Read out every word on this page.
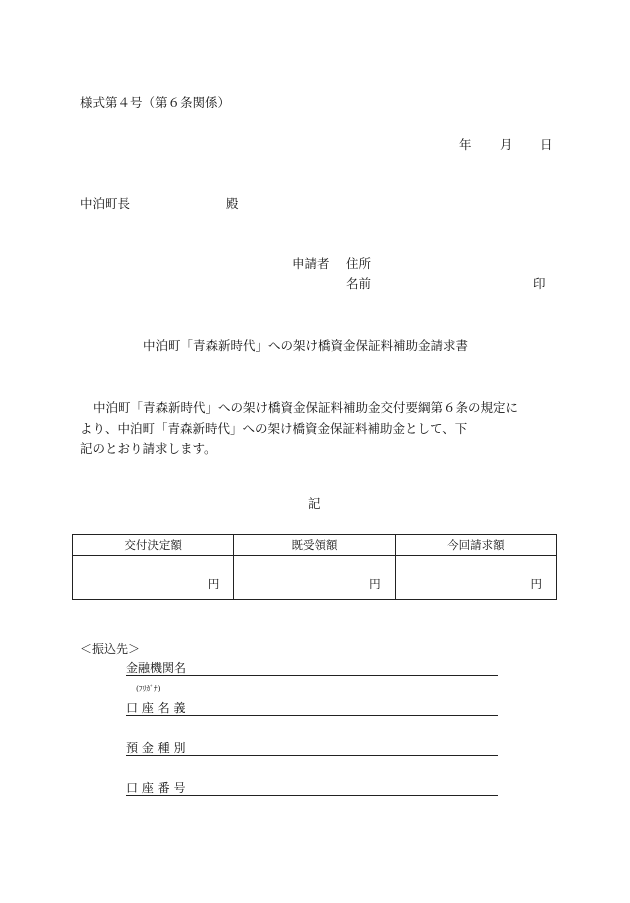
様式第４号（第６条関係）
年 月 日
中泊町長	殿
申請者 住所
名前	印
中泊町「青森新時代」への架け橋資金保証料補助金請求書
中泊町「青森新時代」への架け橋資金保証料補助金交付要綱第６条の規定に
より、中泊町「青森新時代」への架け橋資金保証料補助金として、下
記のとおり請求します。
記
交付決定額	既受領額	今回請求額
円	円	円
＜振込先＞
金融機関名
(ﾌﾘｶﾞﾅ)
口 座 名 義
預 金 種 別
口 座 番 号
